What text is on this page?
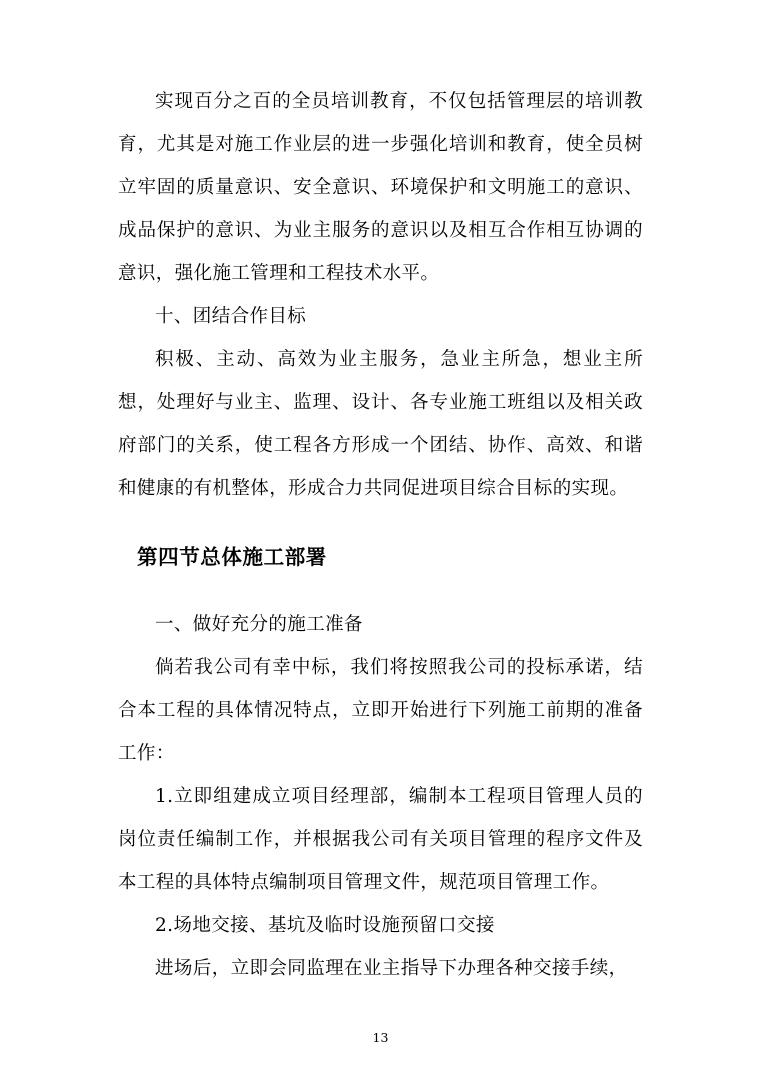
实现百分之百的全员培训教育，不仅包括管理层的培训教育，尤其是对施工作业层的进一步强化培训和教育，使全员树立牢固的质量意识、安全意识、环境保护和文明施工的意识、成品保护的意识、为业主服务的意识以及相互合作相互协调的意识，强化施工管理和工程技术水平。

十、团结合作目标

积极、主动、高效为业主服务，急业主所急，想业主所想，处理好与业主、监理、设计、各专业施工班组以及相关政府部门的关系，使工程各方形成一个团结、协作、高效、和谐和健康的有机整体，形成合力共同促进项目综合目标的实现。

第四节总体施工部署

一、做好充分的施工准备

倘若我公司有幸中标，我们将按照我公司的投标承诺，结合本工程的具体情况特点，立即开始进行下列施工前期的准备工作：

1.立即组建成立项目经理部，编制本工程项目管理人员的岗位责任编制工作，并根据我公司有关项目管理的程序文件及本工程的具体特点编制项目管理文件，规范项目管理工作。

2.场地交接、基坑及临时设施预留口交接

进场后，立即会同监理在业主指导下办理各种交接手续，

13
